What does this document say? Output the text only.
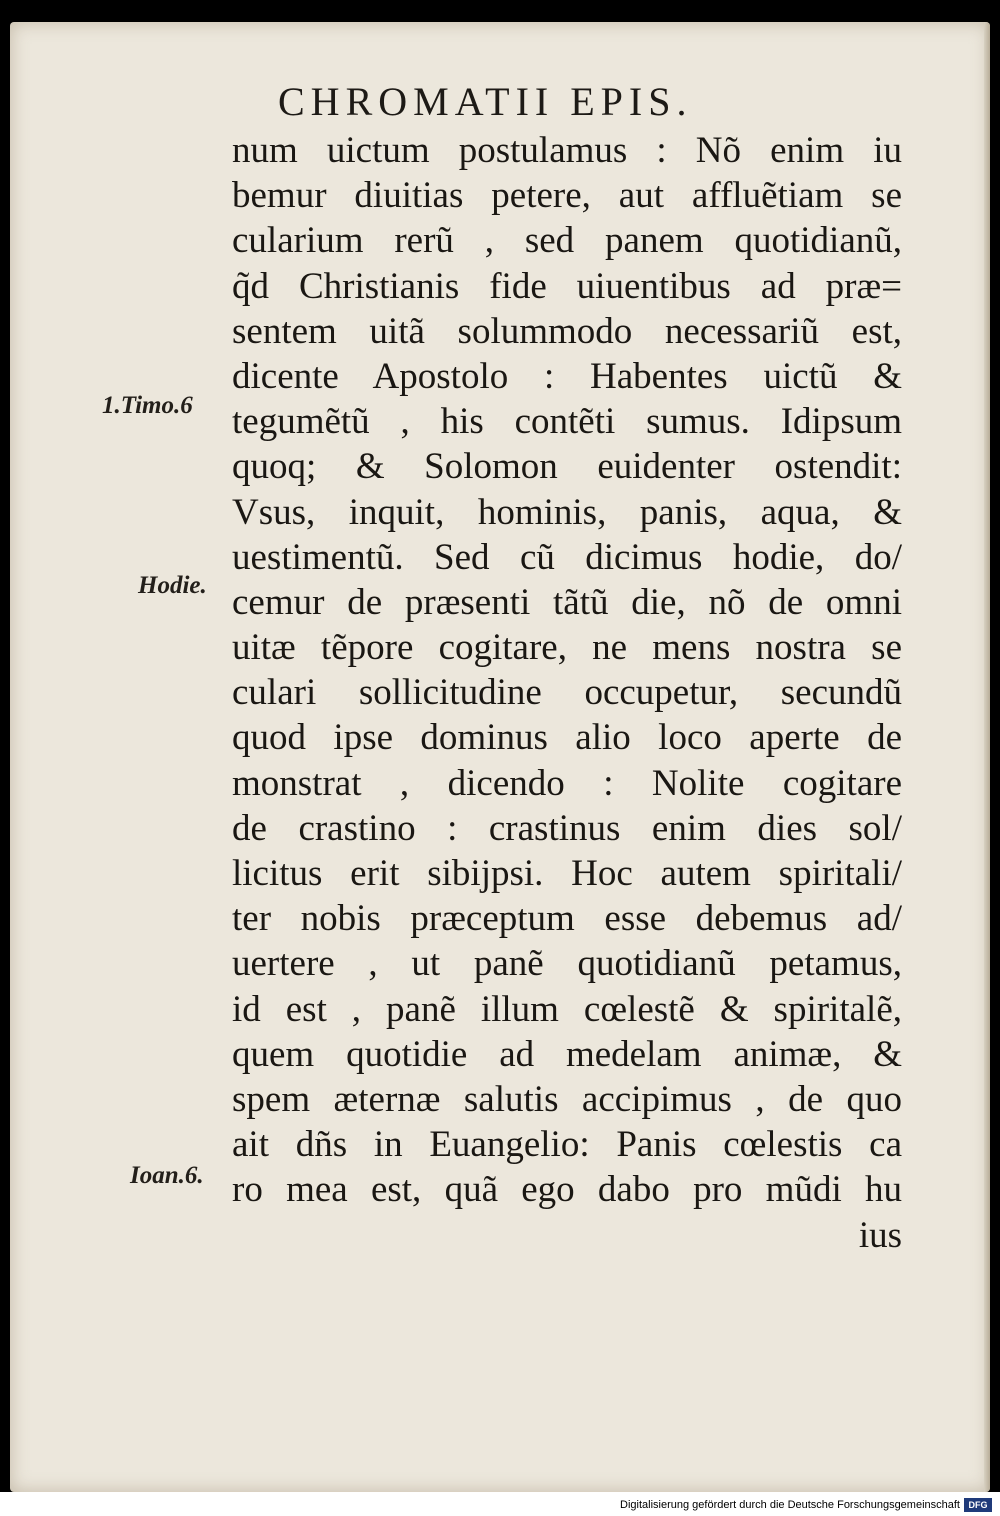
CHROMATII EPIS.
1.Timo.6
Hodie.
Ioan.6.
num uictum postulamus : Nõ enim iu
bemur diuitias petere, aut affluẽtiam se
cularium rerũ , sed panem quotidianũ,
q̃d Christianis fide uiuentibus ad præ=
sentem uitã solummodo necessariũ est,
dicente Apostolo : Habentes uictũ &
tegumẽtũ , his contẽti sumus. Idipsum
quoq; & Solomon euidenter ostendit:
Vsus, inquit, hominis, panis, aqua, &
uestimentũ. Sed cũ dicimus hodie, do/
cemur de præsenti tãtũ die, nõ de omni
uitæ tẽpore cogitare, ne mens nostra se
culari sollicitudine occupetur, secundũ
quod ipse dominus alio loco aperte de
monstrat , dicendo : Nolite cogitare
de crastino : crastinus enim dies sol/
licitus erit sibijpsi. Hoc autem spiritali/
ter nobis præceptum esse debemus ad/
uertere , ut panẽ quotidianũ petamus,
id est , panẽ illum cœlestẽ & spiritalẽ,
quem quotidie ad medelam animæ, &
spem æternæ salutis accipimus , de quo
ait dñs in Euangelio: Panis cœlestis ca
ro mea est, quã ego dabo pro mũdi hu
ius
Digitalisierung gefördert durch die Deutsche Forschungsgemeinschaft DFG
